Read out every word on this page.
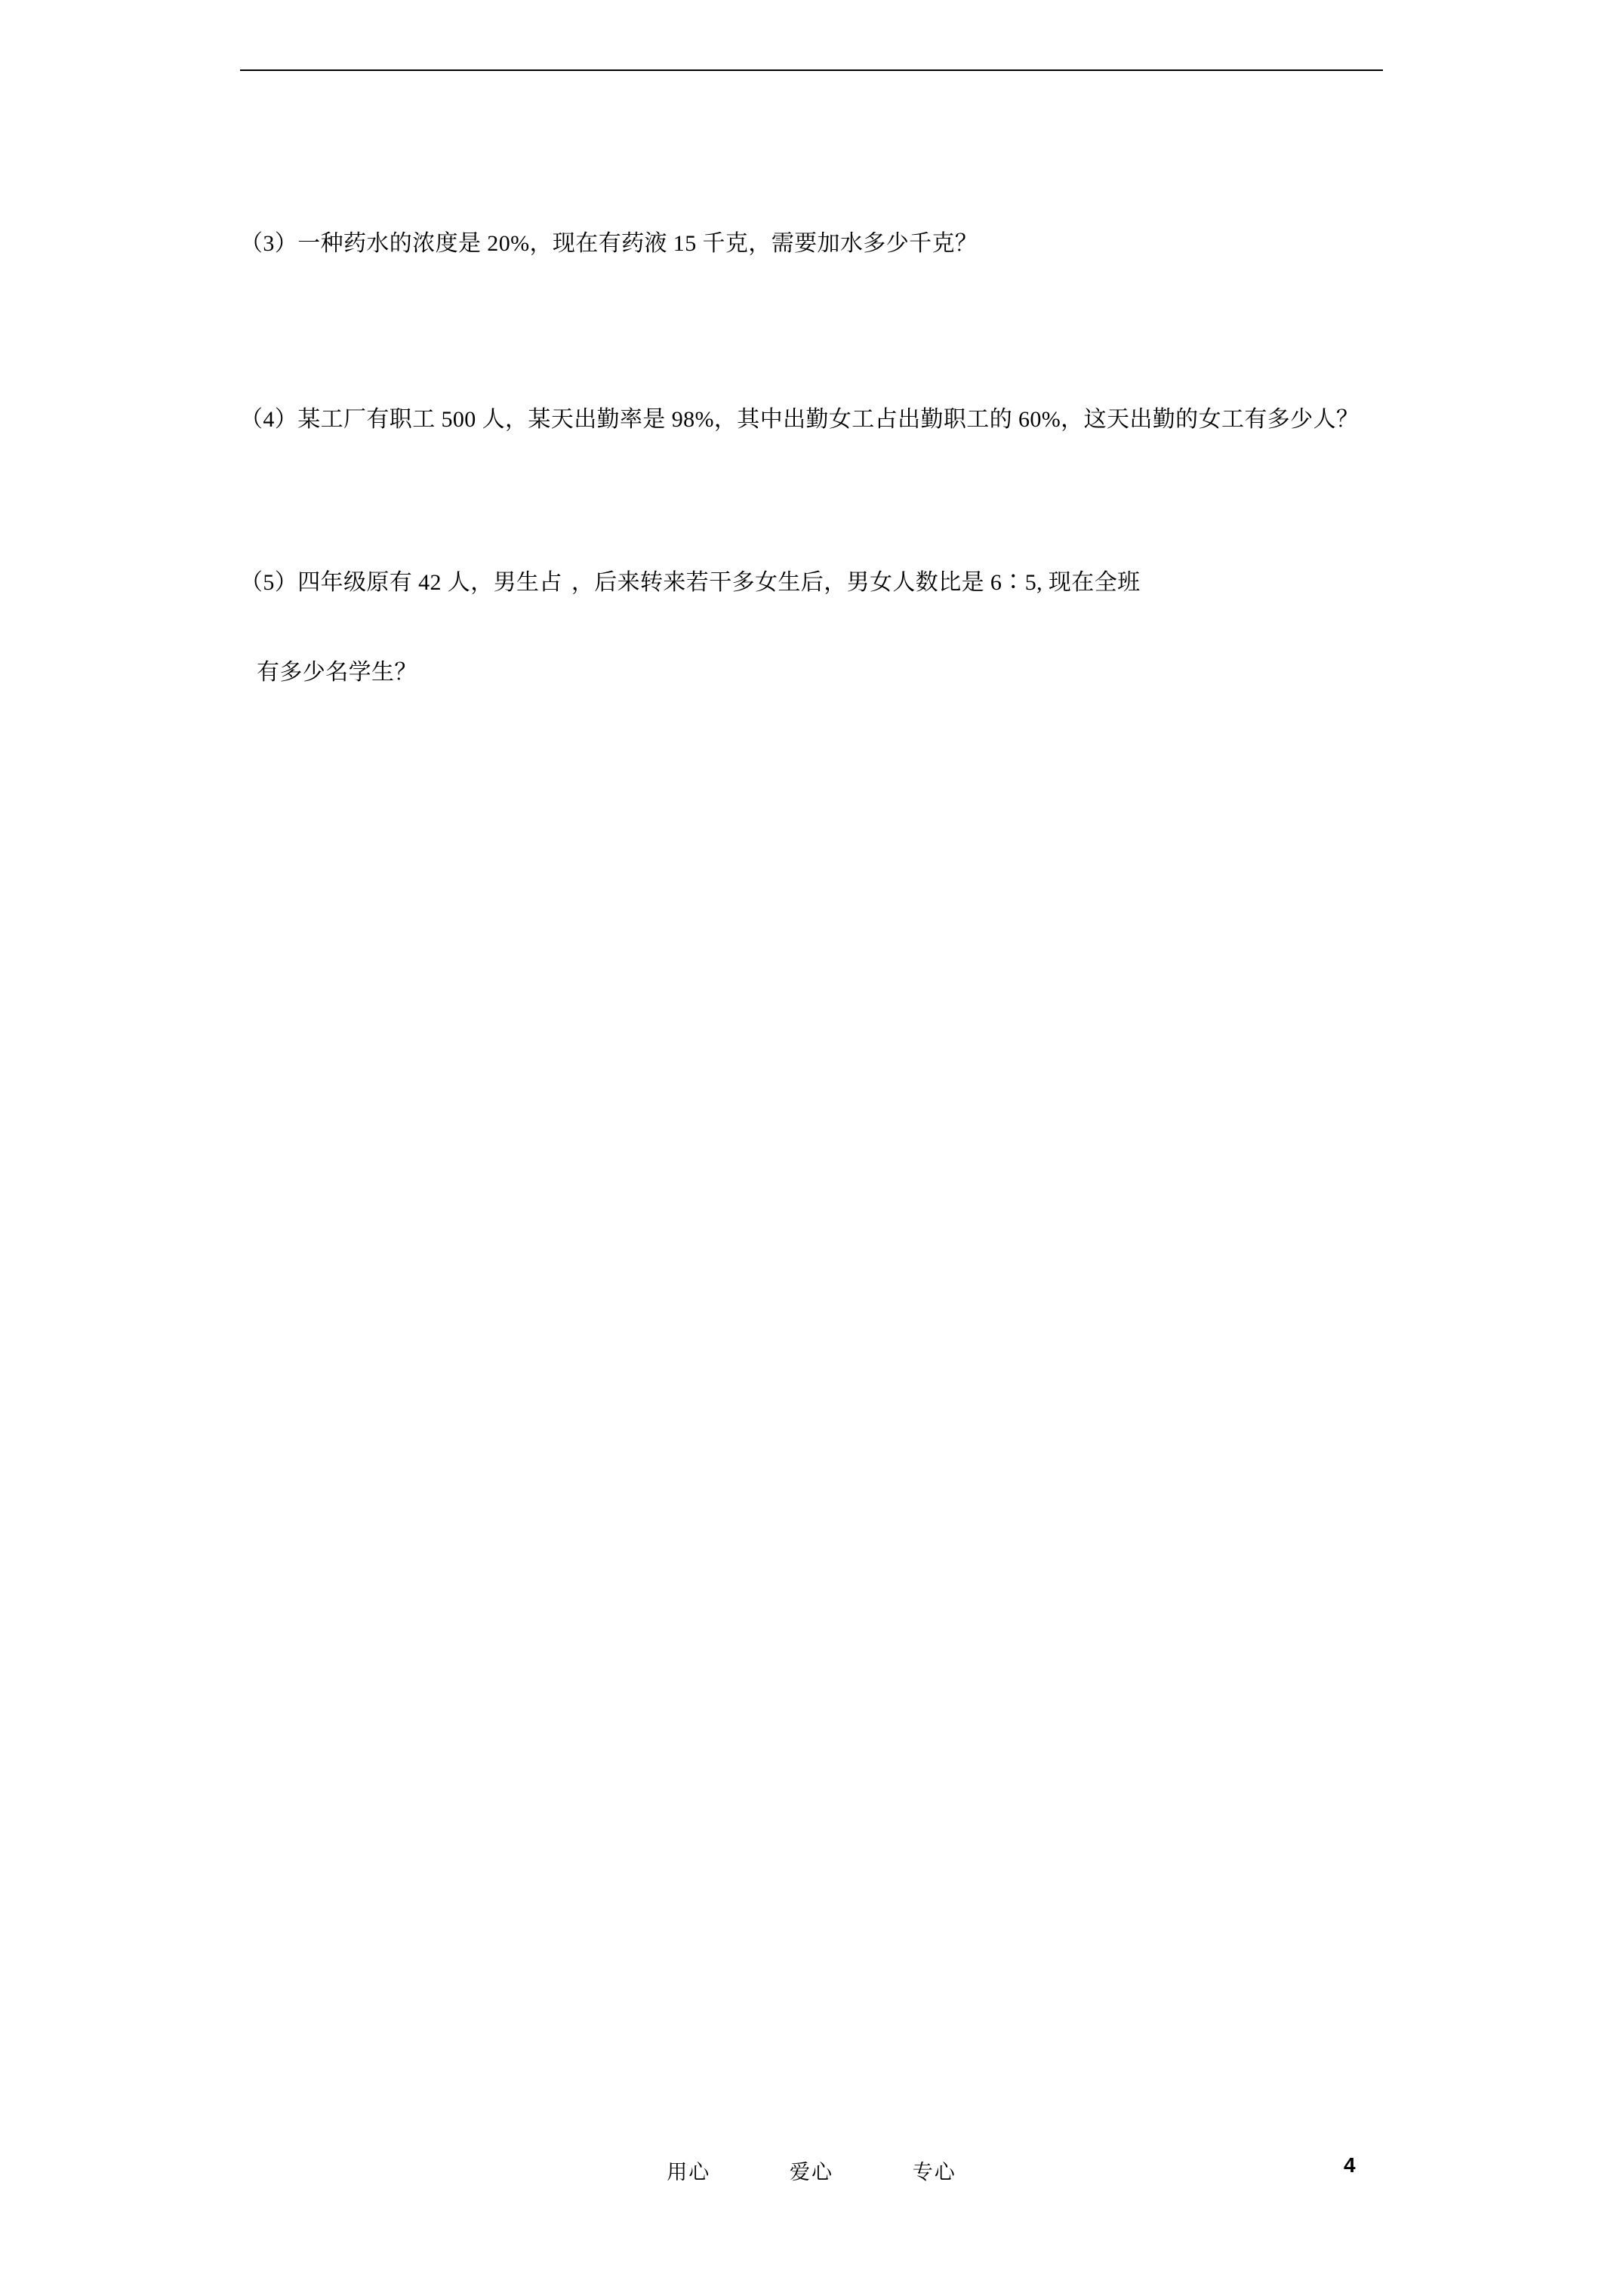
（3）一种药水的浓度是 20%，现在有药液 15 千克，需要加水多少千克？
（4）某工厂有职工 500 人，某天出勤率是 98%，其中出勤女工占出勤职工的 60%，这天出勤的女工有多少人？
（5）四年级原有 42 人，男生占 ，后来转来若干多女生后，男女人数比是 6∶5, 现在全班
有多少名学生？
用心	爱心	专心	4
